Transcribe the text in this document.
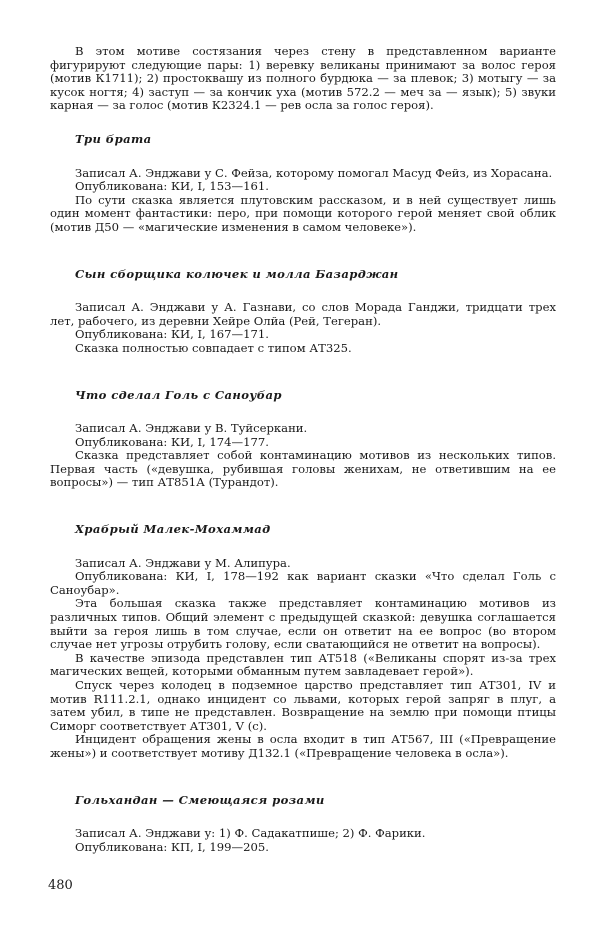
В этом мотиве состязания через стену в представленном варианте фигурируют следующие пары: 1) веревку великаны принимают за волос героя (мотив К1711); 2) простоквашу из полного бурдюка — за плевок; 3) мотыгу — за кусок ногтя; 4) заступ — за кончик уха (мотив 572.2 — меч за — язык); 5) звуки карная — за голос (мотив К2324.1 — рев осла за голос героя).

Три брата

Записал А. Энджави у С. Фейза, которому помогал Масуд Фейз, из Хорасана.

Опубликована: КИ, I, 153—161.

По сути сказка является плутовским рассказом, и в ней существует лишь один момент фантастики: перо, при помощи которого герой меняет свой облик (мотив Д50 — «магические изменения в самом человеке»).

Сын сборщика колючек и молла Базарджан

Записал А. Энджави у А. Газнави, со слов Морада Ганджи, тридцати трех лет, рабочего, из деревни Хейре Олйа (Рей, Тегеран).

Опубликована: КИ, I, 167—171.

Сказка полностью совпадает с типом АТ325.

Что сделал Голь с Саноубар

Записал А. Энджави у В. Туйсеркани.

Опубликована: КИ, I, 174—177.

Сказка представляет собой контаминацию мотивов из нескольких типов. Первая часть («девушка, рубившая головы женихам, не ответившим на ее вопросы») — тип АТ851А (Турандот).

Храбрый Малек-Мохаммад

Записал А. Энджави у М. Алипура.

Опубликована: КИ, I, 178—192 как вариант сказки «Что сделал Голь с Саноубар».

Эта большая сказка также представляет контаминацию мотивов из различных типов. Общий элемент с предыдущей сказкой: девушка соглашается выйти за героя лишь в том случае, если он ответит на ее вопрос (во втором случае нет угрозы отрубить голову, если сватающийся не ответит на вопросы).

В качестве эпизода представлен тип АТ518 («Великаны спорят из-за трех магических вещей, которыми обманным путем завладевает герой»).

Спуск через колодец в подземное царство представляет тип АТ301, IV и мотив R111.2.1, однако инцидент со львами, которых герой запряг в плуг, а затем убил, в типе не представлен. Возвращение на землю при помощи птицы Симорг соответствует АТ301, V (с).

Инцидент обращения жены в осла входит в тип АТ567, III («Превращение жены») и соответствует мотиву Д132.1 («Превращение человека в осла»).

Гольхандан — Смеющаяся розами

Записал А. Энджави у: 1) Ф. Садакатпише; 2) Ф. Фарики.

Опубликована: КП, I, 199—205.

480
